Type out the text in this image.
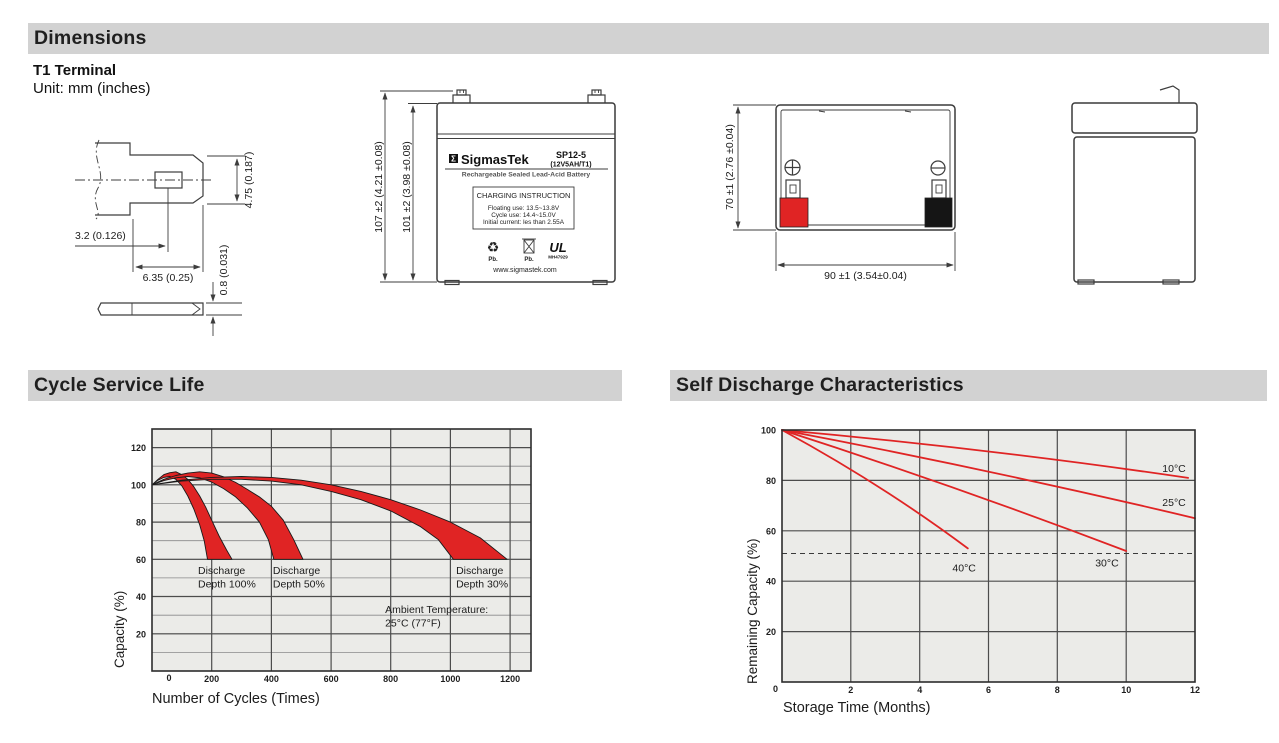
Dimensions
T1 Terminal
Unit: mm (inches)
4.75 (0.187)
3.2 (0.126)
6.35 (0.25) 0.8 (0.031)
107 ±2 (4.21 ±0.08) 101 ±2 (3.98 ±0.08)	Σ SigmasTek	SP12-5
(12V5AH/T1)
Rechargeable Sealed Lead-Acid Battery
CHARGING INSTRUCTION
Floating use: 13.5~13.8V
Cycle use: 14.4~15.0V
Initial current: les than 2.55A
♻
Pb.	Pb.
UL
MH47929
www.sigmastek.com
70 ±1 (2.76 ±0.04)
90 ±1 (3.54±0.04)
Cycle Service Life	Self Discharge Characteristics
20
40
60
80
100
120
200	400	600	800	1000	1200
0
Discharge Depth 100%
Discharge Depth 50%
Discharge Depth 30%
Ambient Temperature: 25°C (77°F)
Capacity (%)
Number of Cycles (Times)
20
40
60
80
100
2	4	6	8	10	12
0
10°C
25°C
30°C
40°C
Remaining Capacity (%)
Storage Time (Months)
